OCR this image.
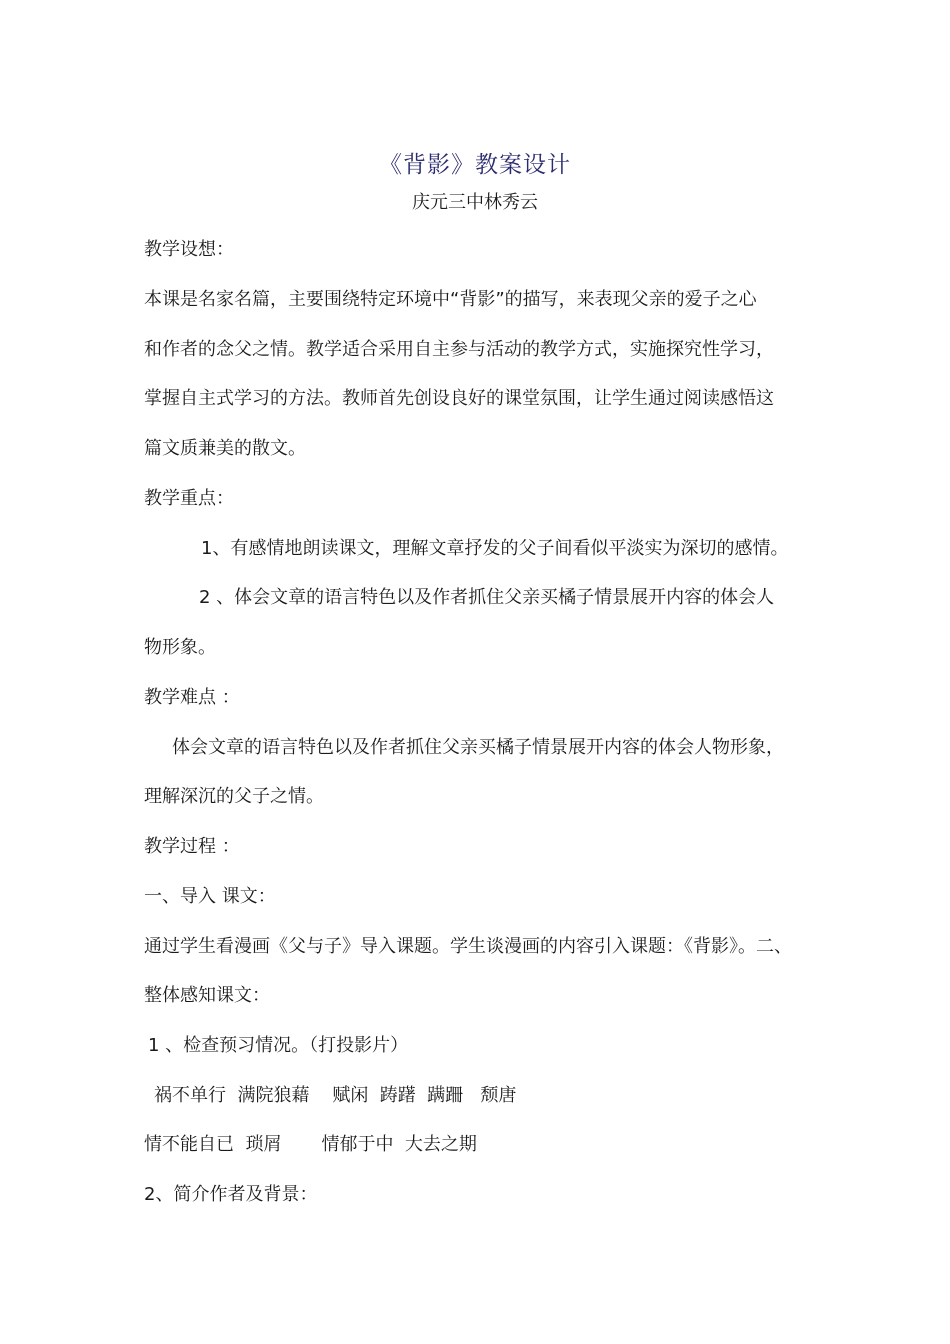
《背影》教案设计
庆元三中林秀云
教学设想：
本课是名家名篇，主要围绕特定环境中“背影”的描写，来表现父亲的爱子之心
和作者的念父之情。教学适合采用自主参与活动的教学方式，实施探究性学习，
掌握自主式学习的方法。教师首先创设良好的课堂氛围，让学生通过阅读感悟这
篇文质兼美的散文。
教学重点：
1、有感情地朗读课文，理解文章抒发的父子间看似平淡实为深切的感情。
2 、体会文章的语言特色以及作者抓住父亲买橘子情景展开内容的体会人
物形象。
教学难点 ：
体会文章的语言特色以及作者抓住父亲买橘子情景展开内容的体会人物形象，
理解深沉的父子之情。
教学过程 ：
一、导入 课文：
通过学生看漫画《父与子》导入课题。学生谈漫画的内容引入课题：《背影》。二、
整体感知课文：
1 、检查预习情况。（打投影片）
祸不单行  满院狼藉    赋闲  踌躇  蹒跚   颓唐
情不能自已  琐屑       情郁于中  大去之期
2、简介作者及背景：
